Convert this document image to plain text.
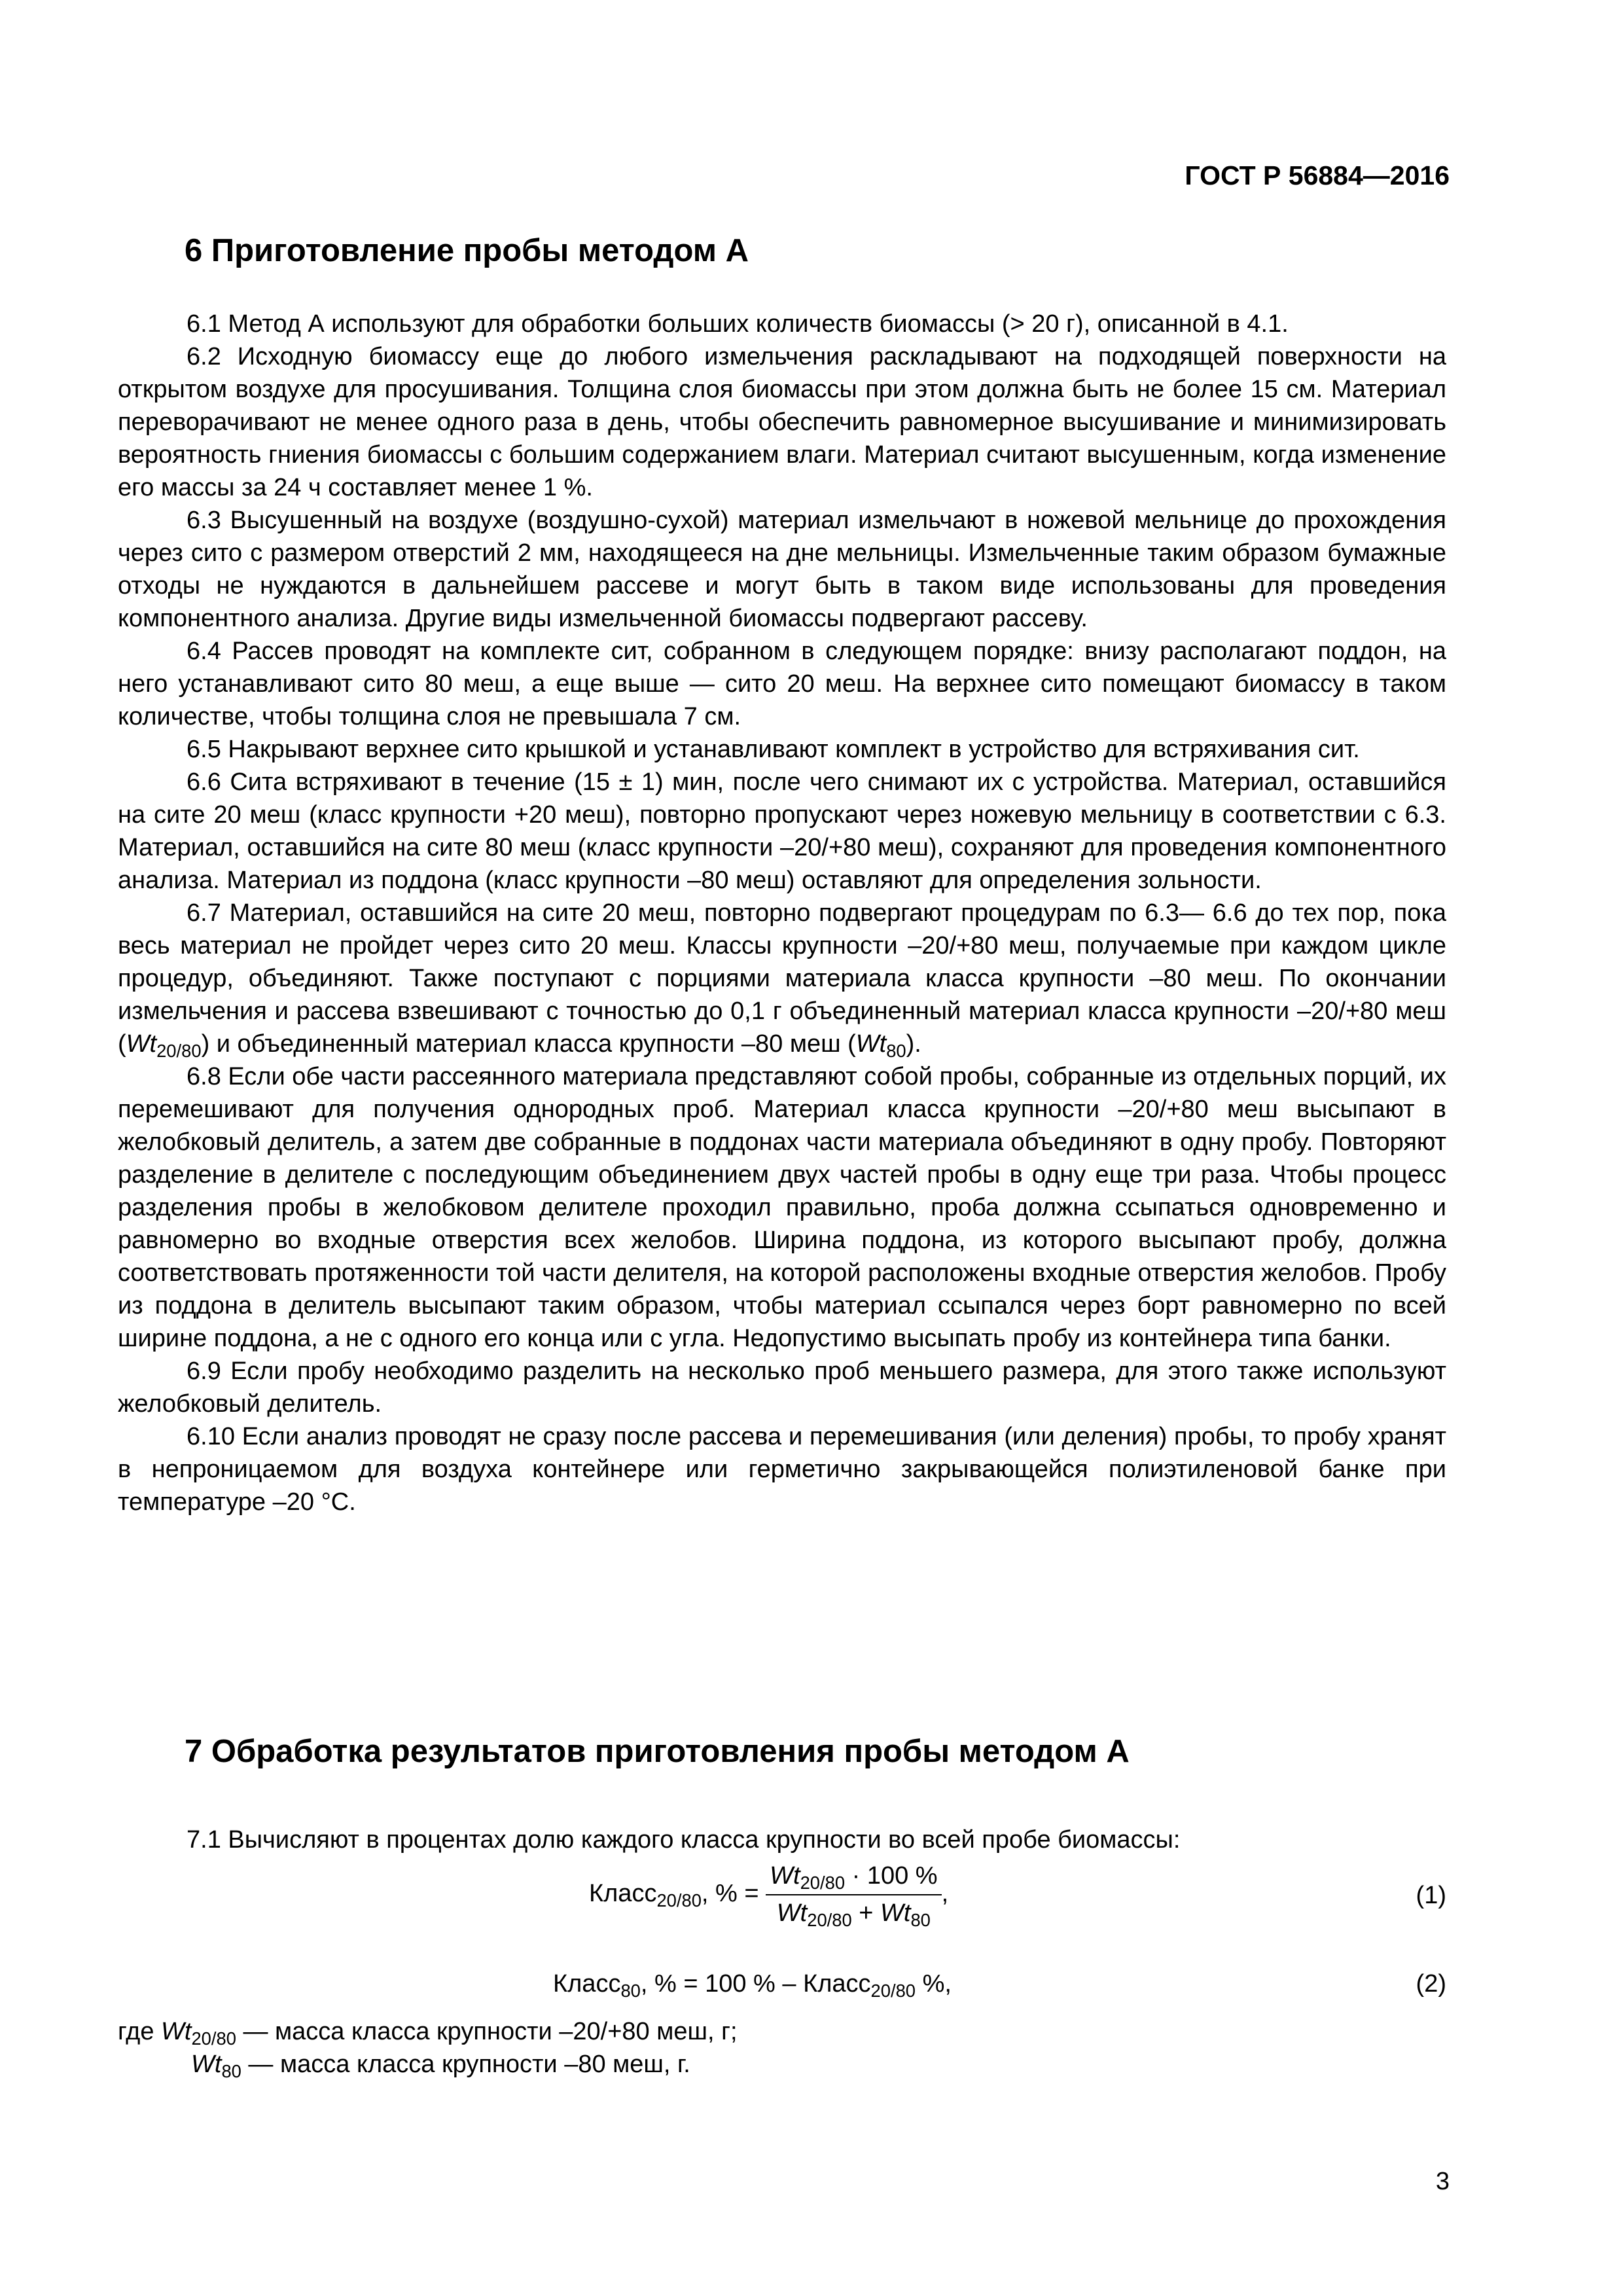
ГОСТ Р 56884—2016
6 Приготовление пробы методом А

6.1 Метод А используют для обработки больших количеств биомассы (> 20 г), описанной в 4.1.

6.2 Исходную биомассу еще до любого измельчения раскладывают на подходящей поверхности на открытом воздухе для просушивания. Толщина слоя биомассы при этом должна быть не более 15 см. Материал переворачивают не менее одного раза в день, чтобы обеспечить равномерное высушивание и минимизировать вероятность гниения биомассы с большим содержанием влаги. Материал считают высушенным, когда изменение его массы за 24 ч составляет менее 1 %.

6.3 Высушенный на воздухе (воздушно-сухой) материал измельчают в ножевой мельнице до прохождения через сито с размером отверстий 2 мм, находящееся на дне мельницы. Измельченные таким образом бумажные отходы не нуждаются в дальнейшем рассеве и могут быть в таком виде использованы для проведения компонентного анализа. Другие виды измельченной биомассы подвергают рассеву.

6.4 Рассев проводят на комплекте сит, собранном в следующем порядке: внизу располагают поддон, на него устанавливают сито 80 меш, а еще выше — сито 20 меш. На верхнее сито помещают биомассу в таком количестве, чтобы толщина слоя не превышала 7 см.

6.5 Накрывают верхнее сито крышкой и устанавливают комплект в устройство для встряхивания сит.

6.6 Сита встряхивают в течение (15 ± 1) мин, после чего снимают их с устройства. Материал, оставшийся на сите 20 меш (класс крупности +20 меш), повторно пропускают через ножевую мельницу в соответствии с 6.3. Материал, оставшийся на сите 80 меш (класс крупности –20/+80 меш), сохраняют для проведения компонентного анализа. Материал из поддона (класс крупности –80 меш) оставляют для определения зольности.

6.7 Материал, оставшийся на сите 20 меш, повторно подвергают процедурам по 6.3— 6.6 до тех пор, пока весь материал не пройдет через сито 20 меш. Классы крупности –20/+80 меш, получаемые при каждом цикле процедур, объединяют. Также поступают с порциями материала класса крупности –80 меш. По окончании измельчения и рассева взвешивают с точностью до 0,1 г объединенный материал класса крупности –20/+80 меш $(Wt_{20/80})$ и объединенный материал класса крупности –80 меш $(Wt_{80})$.

6.8 Если обе части рассеянного материала представляют собой пробы, собранные из отдельных порций, их перемешивают для получения однородных проб. Материал класса крупности –20/+80 меш высыпают в желобковый делитель, а затем две собранные в поддонах части материала объединяют в одну пробу. Повторяют разделение в делителе с последующим объединением двух частей пробы в одну еще три раза. Чтобы процесс разделения пробы в желобковом делителе проходил правильно, проба должна ссыпаться одновременно и равномерно во входные отверстия всех желобов. Ширина поддона, из которого высыпают пробу, должна соответствовать протяженности той части делителя, на которой расположены входные отверстия желобов. Пробу из поддона в делитель высыпают таким образом, чтобы материал ссыпался через борт равномерно по всей ширине поддона, а не с одного его конца или с угла. Недопустимо высыпать пробу из контейнера типа банки.

6.9 Если пробу необходимо разделить на несколько проб меньшего размера, для этого также используют желобковый делитель.

6.10 Если анализ проводят не сразу после рассева и перемешивания (или деления) пробы, то пробу хранят в непроницаемом для воздуха контейнере или герметично закрывающейся полиэтиленовой банке при температуре –20 °С.

7 Обработка результатов приготовления пробы методом А
7.1 Вычисляют в процентах долю каждого класса крупности во всей пробе биомассы:
Класс$_{20/80}$, % = $\frac{Wt_{20/80} \cdot 100 \%}{Wt_{20/80} + Wt_{80}}$ ,	(1)
Класс$_{80}$, % = 100 % – Класс$_{20/80}$ %,	(2)
где $Wt_{20/80}$ — масса класса крупности –20/+80 меш, г;
$Wt_{80}$ — масса класса крупности –80 меш, г.
3
